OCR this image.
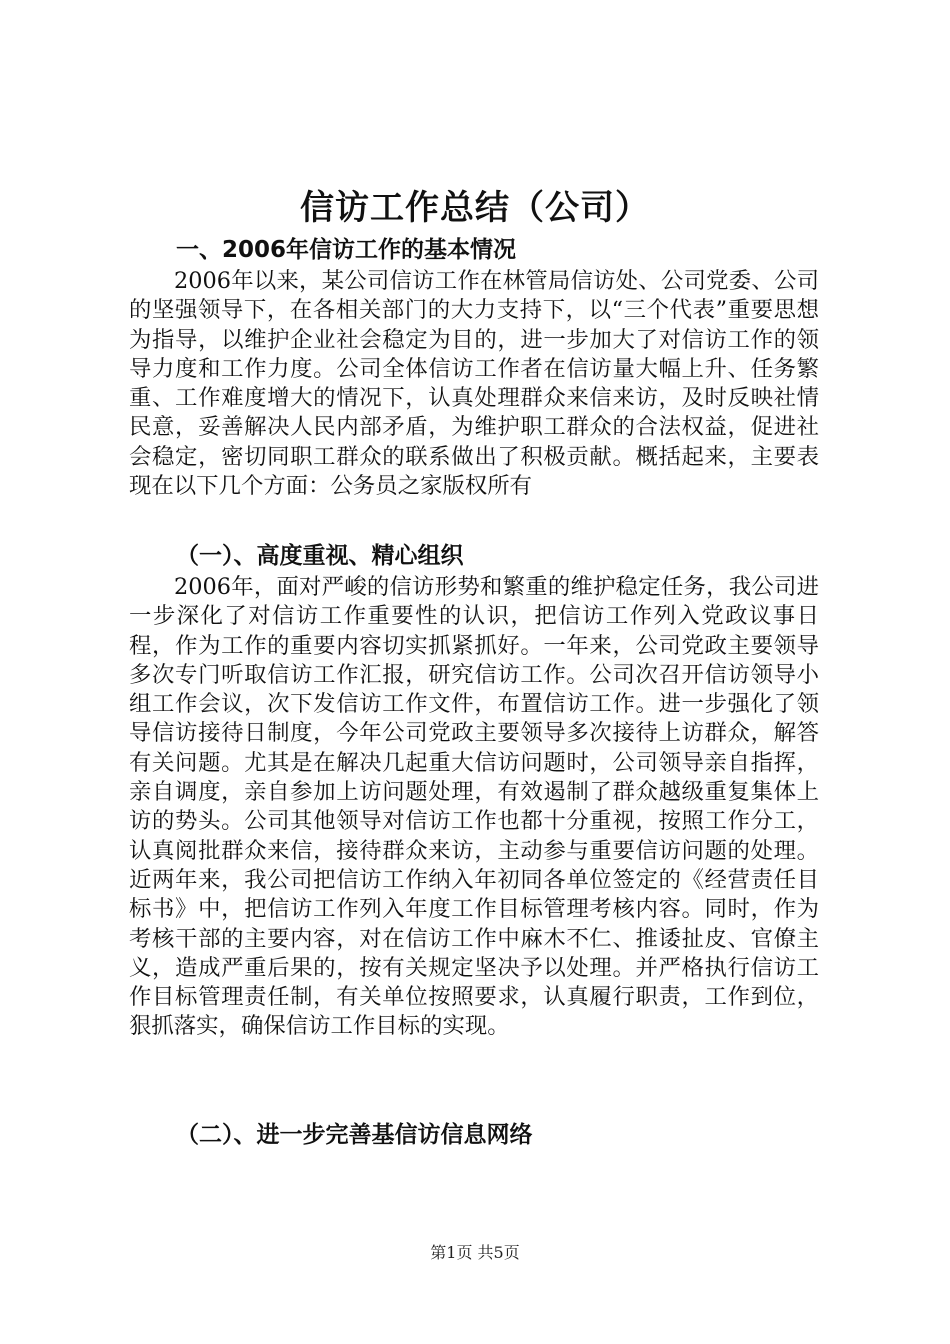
信访工作总结（公司）
一、2006年信访工作的基本情况
2006年以来，某公司信访工作在林管局信访处、公司党委、公司的坚强领导下，在各相关部门的大力支持下，以“三个代表”重要思想为指导，以维护企业社会稳定为目的，进一步加大了对信访工作的领导力度和工作力度。公司全体信访工作者在信访量大幅上升、任务繁重、工作难度增大的情况下，认真处理群众来信来访，及时反映社情民意，妥善解决人民内部矛盾，为维护职工群众的合法权益，促进社会稳定，密切同职工群众的联系做出了积极贡献。概括起来，主要表现在以下几个方面：公务员之家版权所有
（一）、高度重视、精心组织
2006年，面对严峻的信访形势和繁重的维护稳定任务，我公司进一步深化了对信访工作重要性的认识，把信访工作列入党政议事日程，作为工作的重要内容切实抓紧抓好。一年来，公司党政主要领导多次专门听取信访工作汇报，研究信访工作。公司次召开信访领导小组工作会议，次下发信访工作文件，布置信访工作。进一步强化了领导信访接待日制度，今年公司党政主要领导多次接待上访群众，解答有关问题。尤其是在解决几起重大信访问题时，公司领导亲自指挥，亲自调度，亲自参加上访问题处理，有效遏制了群众越级重复集体上访的势头。公司其他领导对信访工作也都十分重视，按照工作分工，认真阅批群众来信，接待群众来访，主动参与重要信访问题的处理。近两年来，我公司把信访工作纳入年初同各单位签定的《经营责任目标书》中，把信访工作列入年度工作目标管理考核内容。同时，作为考核干部的主要内容，对在信访工作中麻木不仁、推诿扯皮、官僚主义，造成严重后果的，按有关规定坚决予以处理。并严格执行信访工作目标管理责任制，有关单位按照要求，认真履行职责，工作到位，狠抓落实，确保信访工作目标的实现。
（二）、进一步完善基信访信息网络
第1页 共5页
